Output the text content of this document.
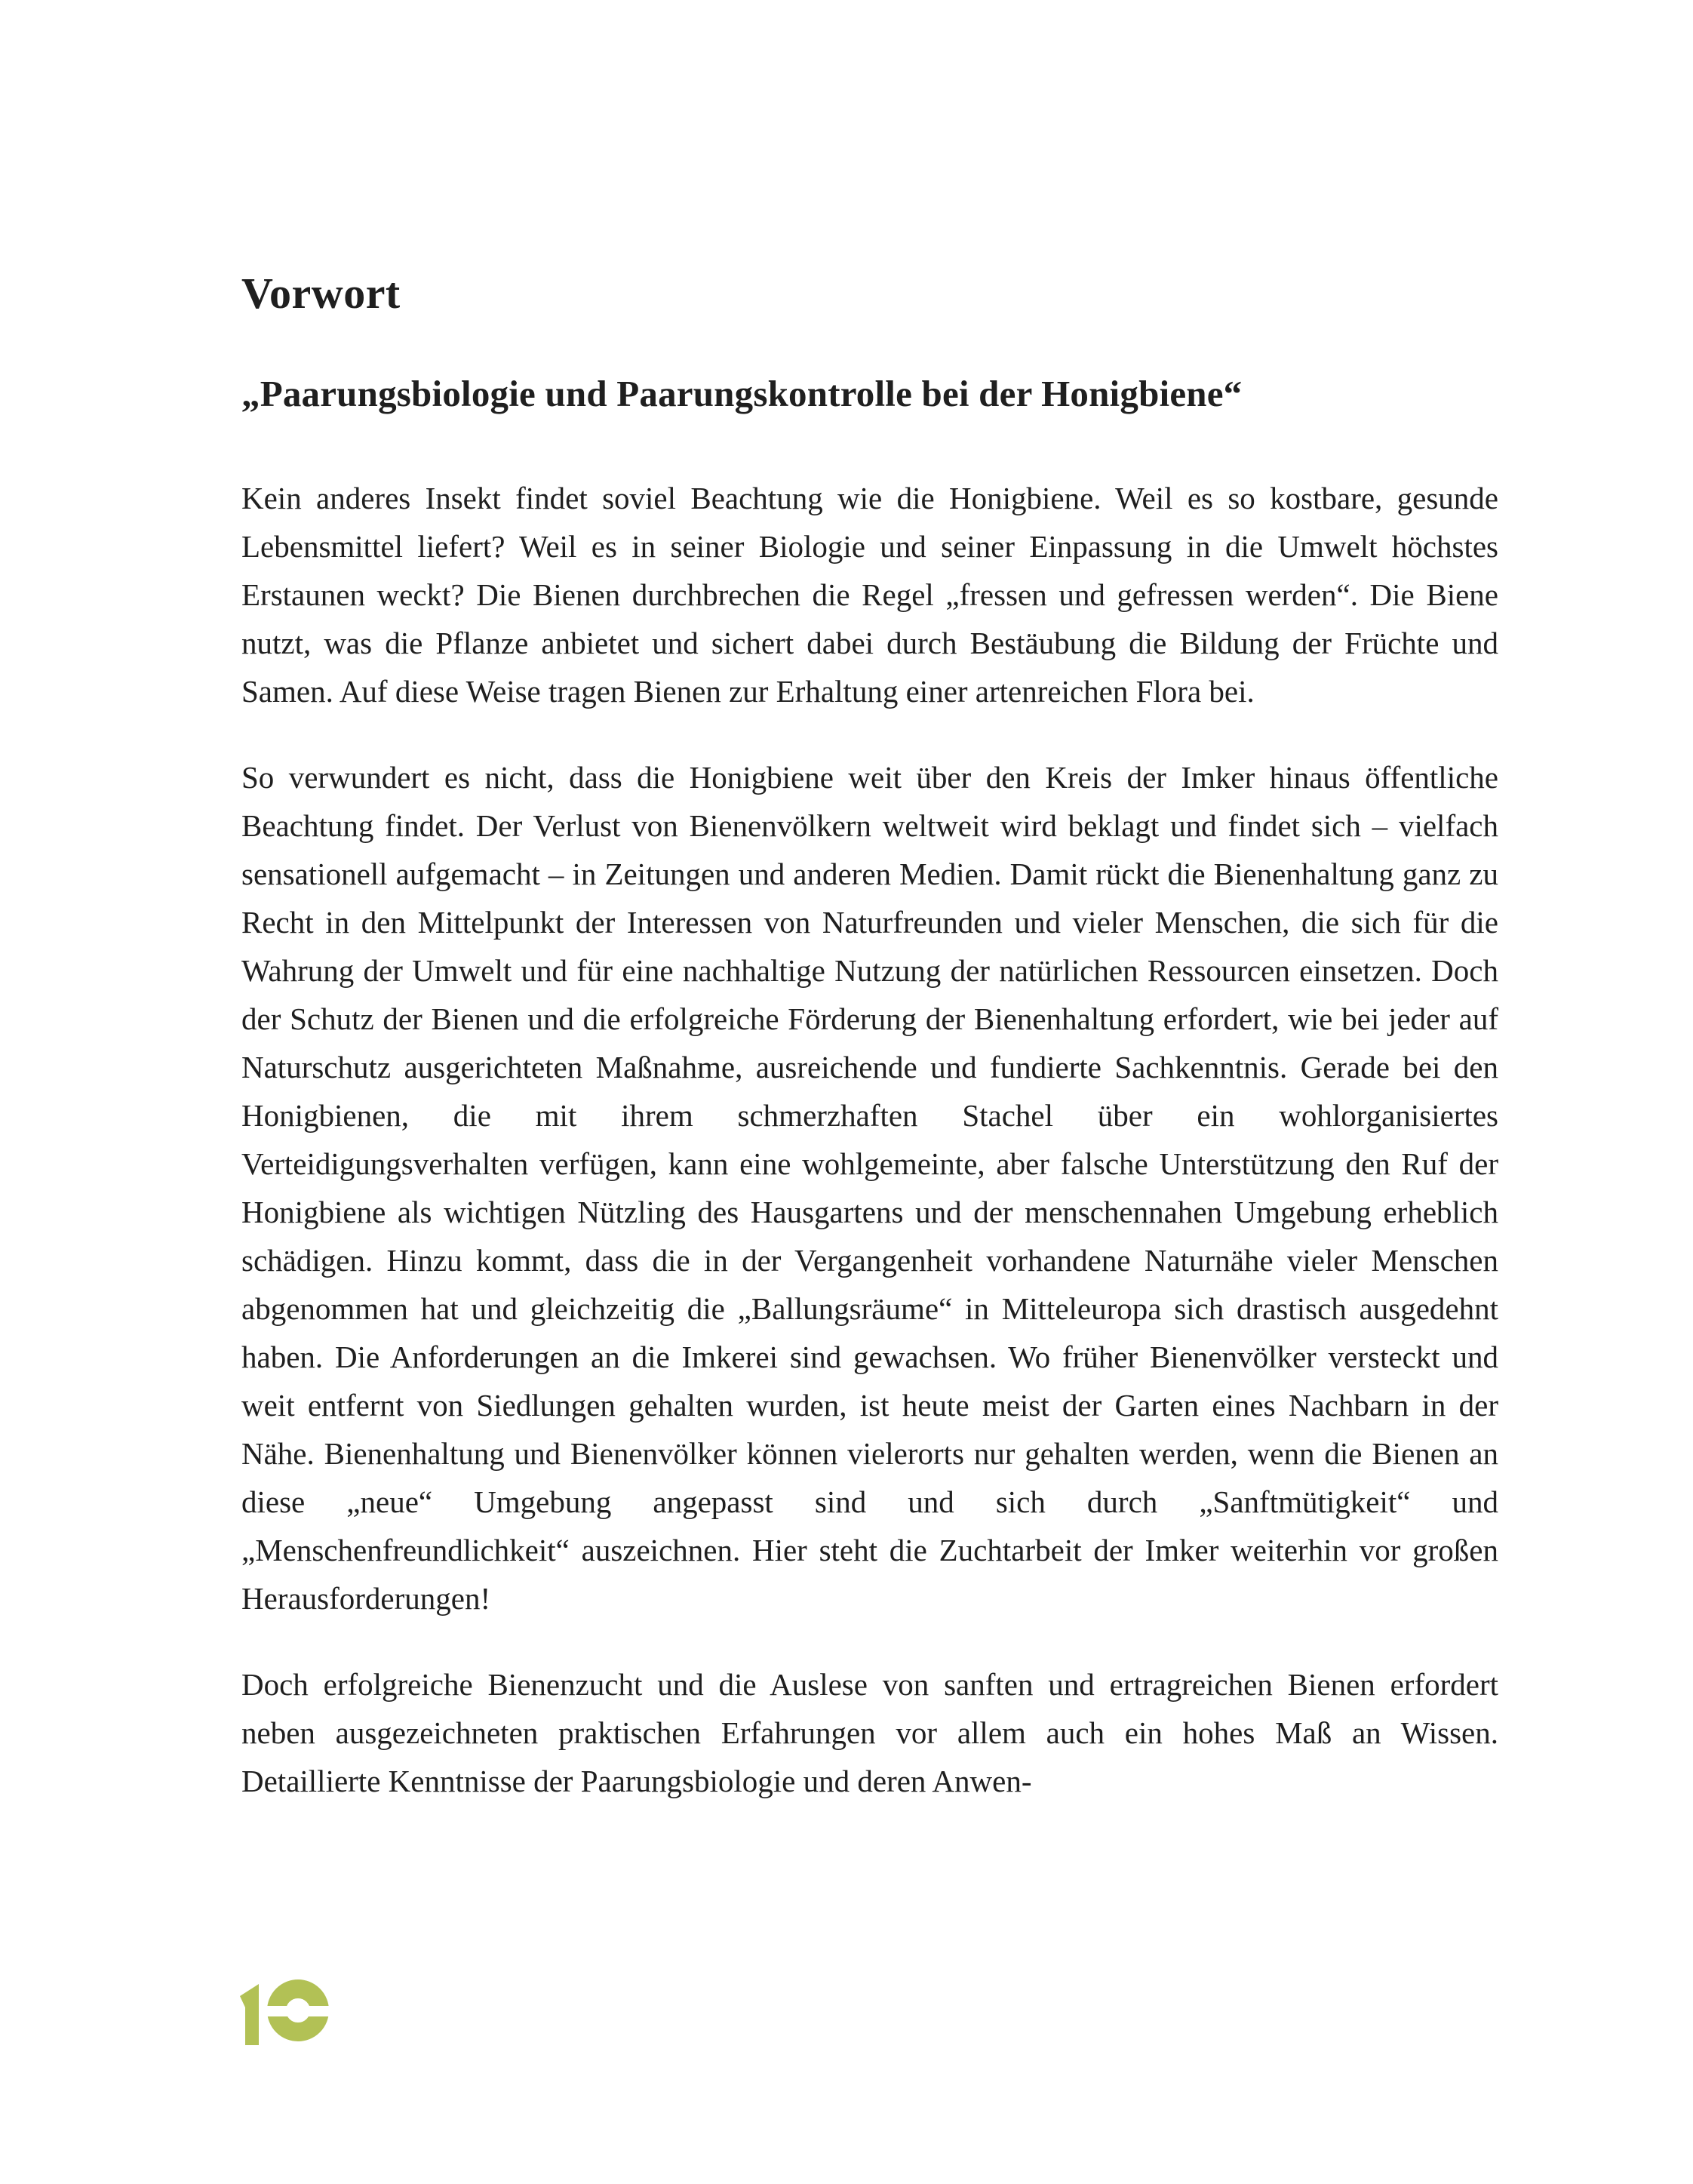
Vorwort
„Paarungsbiologie und Paarungskontrolle bei der Honigbiene“

Kein anderes Insekt findet soviel Beachtung wie die Honigbiene. Weil es so kostbare, gesunde Lebensmittel liefert? Weil es in seiner Biologie und seiner Einpassung in die Umwelt höchstes Erstaunen weckt? Die Bienen durchbrechen die Regel „fressen und gefressen werden“. Die Biene nutzt, was die Pflanze anbietet und sichert dabei durch Bestäubung die Bildung der Früchte und Samen. Auf diese Weise tragen Bienen zur Erhaltung einer artenreichen Flora bei.

So verwundert es nicht, dass die Honigbiene weit über den Kreis der Imker hinaus öffentliche Beachtung findet. Der Verlust von Bienenvölkern weltweit wird beklagt und findet sich – vielfach sensationell aufgemacht – in Zeitungen und anderen Medien. Damit rückt die Bienenhaltung ganz zu Recht in den Mittelpunkt der Interessen von Naturfreunden und vieler Menschen, die sich für die Wahrung der Umwelt und für eine nachhaltige Nutzung der natürlichen Ressourcen einsetzen. Doch der Schutz der Bienen und die erfolgreiche Förderung der Bienenhaltung erfordert, wie bei jeder auf Naturschutz ausgerichteten Maßnahme, ausreichende und fundierte Sachkenntnis. Gerade bei den Honigbienen, die mit ihrem schmerzhaften Stachel über ein wohlorganisiertes Verteidigungsverhalten verfügen, kann eine wohlgemeinte, aber falsche Unterstützung den Ruf der Honigbiene als wichtigen Nützling des Hausgartens und der menschennahen Umgebung erheblich schädigen. Hinzu kommt, dass die in der Vergangenheit vorhandene Naturnähe vieler Menschen abgenommen hat und gleichzeitig die „Ballungsräume“ in Mitteleuropa sich drastisch ausgedehnt haben. Die Anforderungen an die Imkerei sind gewachsen. Wo früher Bienenvölker versteckt und weit entfernt von Siedlungen gehalten wurden, ist heute meist der Garten eines Nachbarn in der Nähe. Bienenhaltung und Bienenvölker können vielerorts nur gehalten werden, wenn die Bienen an diese „neue“ Umgebung angepasst sind und sich durch „Sanftmütigkeit“ und „Menschenfreundlichkeit“ auszeichnen. Hier steht die Zuchtarbeit der Imker weiterhin vor großen Herausforderungen!

Doch erfolgreiche Bienenzucht und die Auslese von sanften und ertragreichen Bienen erfordert neben ausgezeichneten praktischen Erfahrungen vor allem auch ein hohes Maß an Wissen. Detaillierte Kenntnisse der Paarungsbiologie und deren Anwen-
